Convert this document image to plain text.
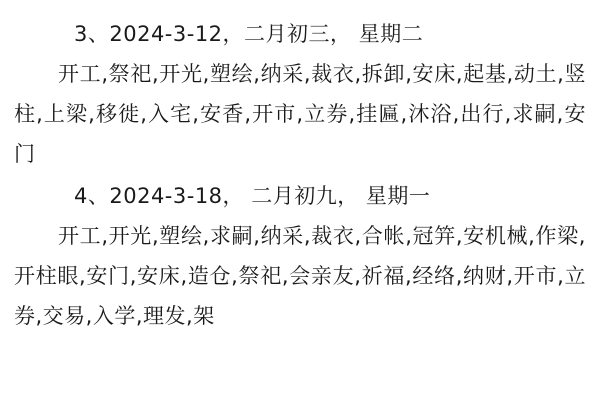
3、2024-3-12，二月初三， 星期二
开工,祭祀,开光,塑绘,纳采,裁衣,拆卸,安床,起基,动土,竖柱,上梁,移徙,入宅,安香,开市,立券,挂匾,沐浴,出行,求嗣,安门
4、2024-3-18， 二月初九， 星期一
开工,开光,塑绘,求嗣,纳采,裁衣,合帐,冠笄,安机械,作梁,开柱眼,安门,安床,造仓,祭祀,会亲友,祈福,经络,纳财,开市,立券,交易,入学,理发,架
